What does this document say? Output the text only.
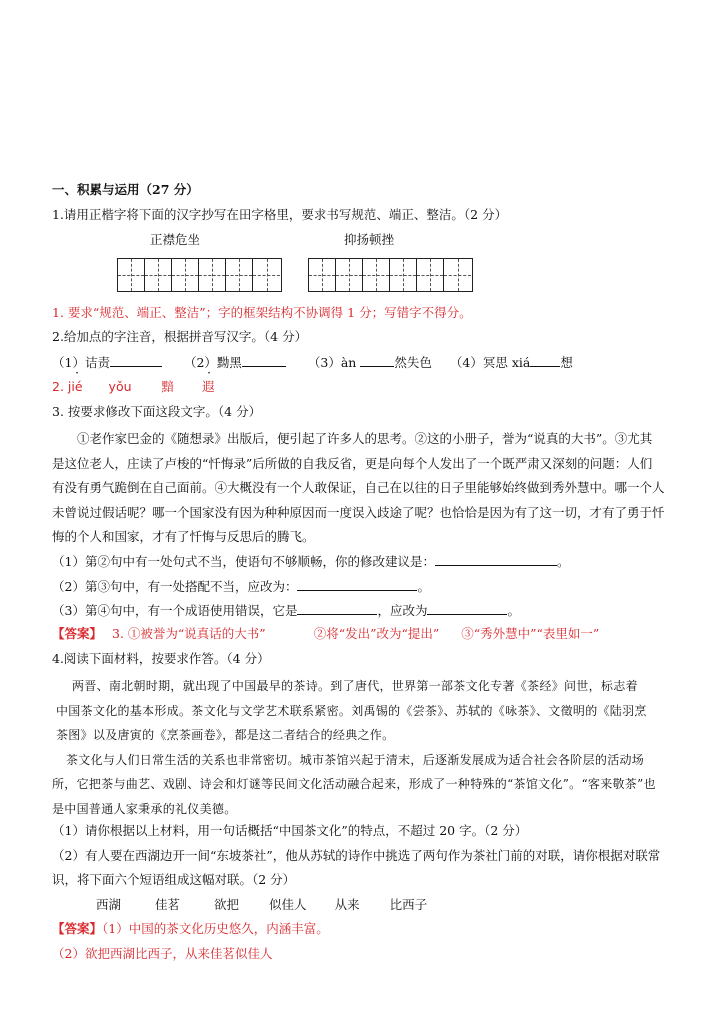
一、积累与运用（27 分）
1.请用正楷字将下面的汉字抄写在田字格里，要求书写规范、端正、整洁。（2 分）
正襟危坐	抑扬顿挫
1. 要求“规范、端正、整洁”；字的框架结构不协调得 1 分；写错字不得分。
2.给加点的字注音，根据拼音写汉字。（4 分）
（1）诘责 ·	（2）黝黑 ·	（3）àn	然失色 （4）冥思 xiá 想
2. jié yǒu 黯 遐
3. 按要求修改下面这段文字。（4 分）
①老作家巴金的《随想录》出版后，便引起了许多人的思考。②这的小册子，誉为“说真的大书”。③尤其
是这位老人，庄读了卢梭的“忏悔录”后所做的自我反省，更是向每个人发出了一个既严肃又深刻的问题：人们
有没有勇气跪倒在自己面前。④大概没有一个人敢保证，自己在以往的日子里能够始终做到秀外慧中。哪一个人
未曾说过假话呢？哪一个国家没有因为种种原因而一度误入歧途了呢？也恰恰是因为有了这一切，才有了勇于忏
悔的个人和国家，才有了忏悔与反思后的腾飞。
（1）第②句中有一处句式不当，使语句不够顺畅，你的修改建议是：	。
（2）第③句中，有一处搭配不当，应改为：	。
（3）第④句中，有一个成语使用错误，它是	，应改为	。
【答案】 3. ①被誉为“说真话的大书”	②将“发出”改为“提出” ③“秀外慧中”“表里如一”
4.阅读下面材料，按要求作答。（4 分）
两晋、南北朝时期，就出现了中国最早的茶诗。到了唐代，世界第一部茶文化专著《茶经》问世，标志着
中国茶文化的基本形成。茶文化与文学艺术联系紧密。刘禹锡的《尝茶》、苏轼的《咏茶》、文徵明的《陆羽烹
茶图》以及唐寅的《烹茶画卷》，都是这二者结合的经典之作。
茶文化与人们日常生活的关系也非常密切。城市茶馆兴起于清末，后逐渐发展成为适合社会各阶层的活动场
所，它把茶与曲艺、戏剧、诗会和灯谜等民间文化活动融合起来，形成了一种特殊的“茶馆文化”。“客来敬茶”也
是中国普通人家秉承的礼仪美德。
（1）请你根据以上材料，用一句话概括“中国茶文化”的特点，不超过 20 字。（2 分）
（2）有人要在西湖边开一间“东坡茶社”，他从苏轼的诗作中挑选了两句作为茶社门前的对联，请你根据对联常
识，将下面六个短语组成这幅对联。（2 分）
西湖	佳茗	欲把 似佳人 从来 比西子
【答案】（1）中国的茶文化历史悠久，内涵丰富。
（2）欲把西湖比西子，从来佳茗似佳人
